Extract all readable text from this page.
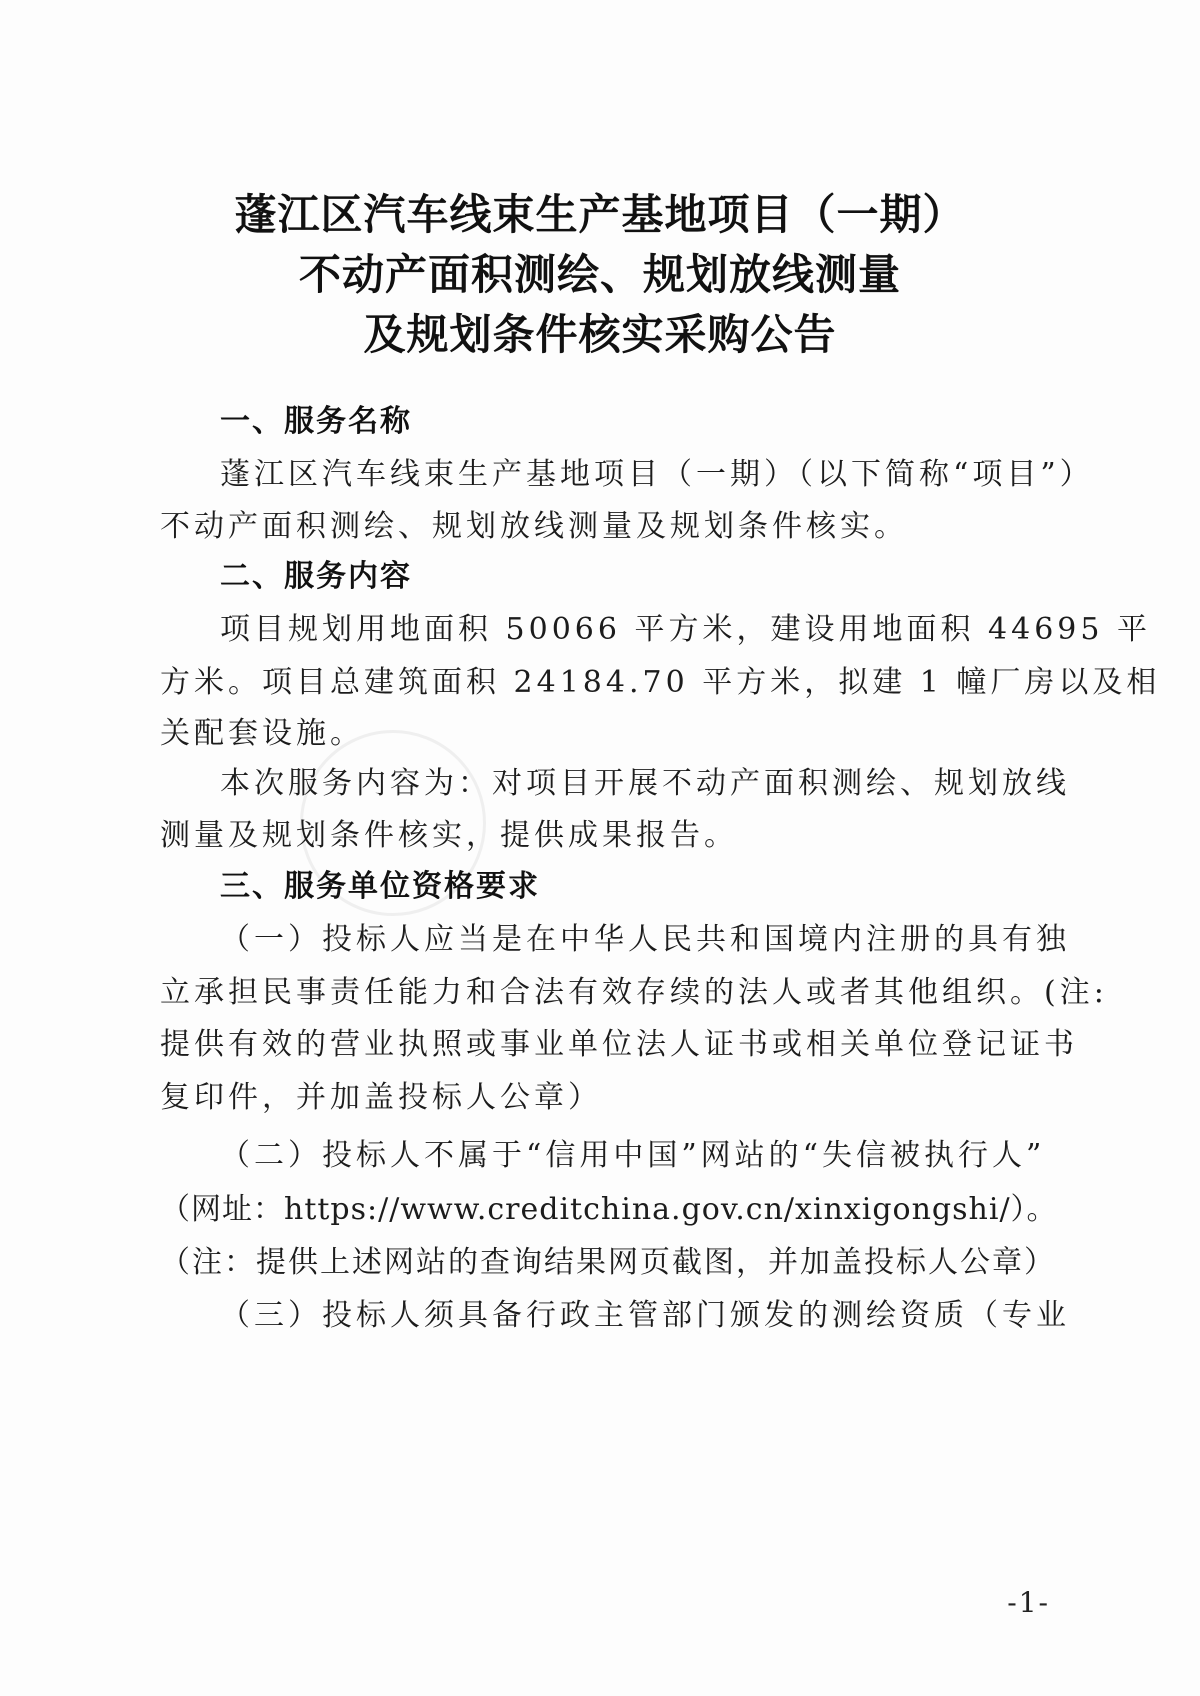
蓬江区汽车线束生产基地项目（一期）
不动产面积测绘、规划放线测量
及规划条件核实采购公告
一、服务名称
蓬江区汽车线束生产基地项目（一期）（以下简称“项目”）
不动产面积测绘、规划放线测量及规划条件核实。
二、服务内容
项目规划用地面积 50066 平方米，建设用地面积 44695 平
方米。项目总建筑面积 24184.70 平方米，拟建 1 幢厂房以及相
关配套设施。
本次服务内容为：对项目开展不动产面积测绘、规划放线
测量及规划条件核实，提供成果报告。
三、服务单位资格要求
（一）投标人应当是在中华人民共和国境内注册的具有独
立承担民事责任能力和合法有效存续的法人或者其他组织。(注:
提供有效的营业执照或事业单位法人证书或相关单位登记证书
复印件，并加盖投标人公章）
（二）投标人不属于“信用中国”网站的“失信被执行人”
（网址：https://www.creditchina.gov.cn/xinxigongshi/）。
（注：提供上述网站的查询结果网页截图，并加盖投标人公章）
（三）投标人须具备行政主管部门颁发的测绘资质（专业
-1-
